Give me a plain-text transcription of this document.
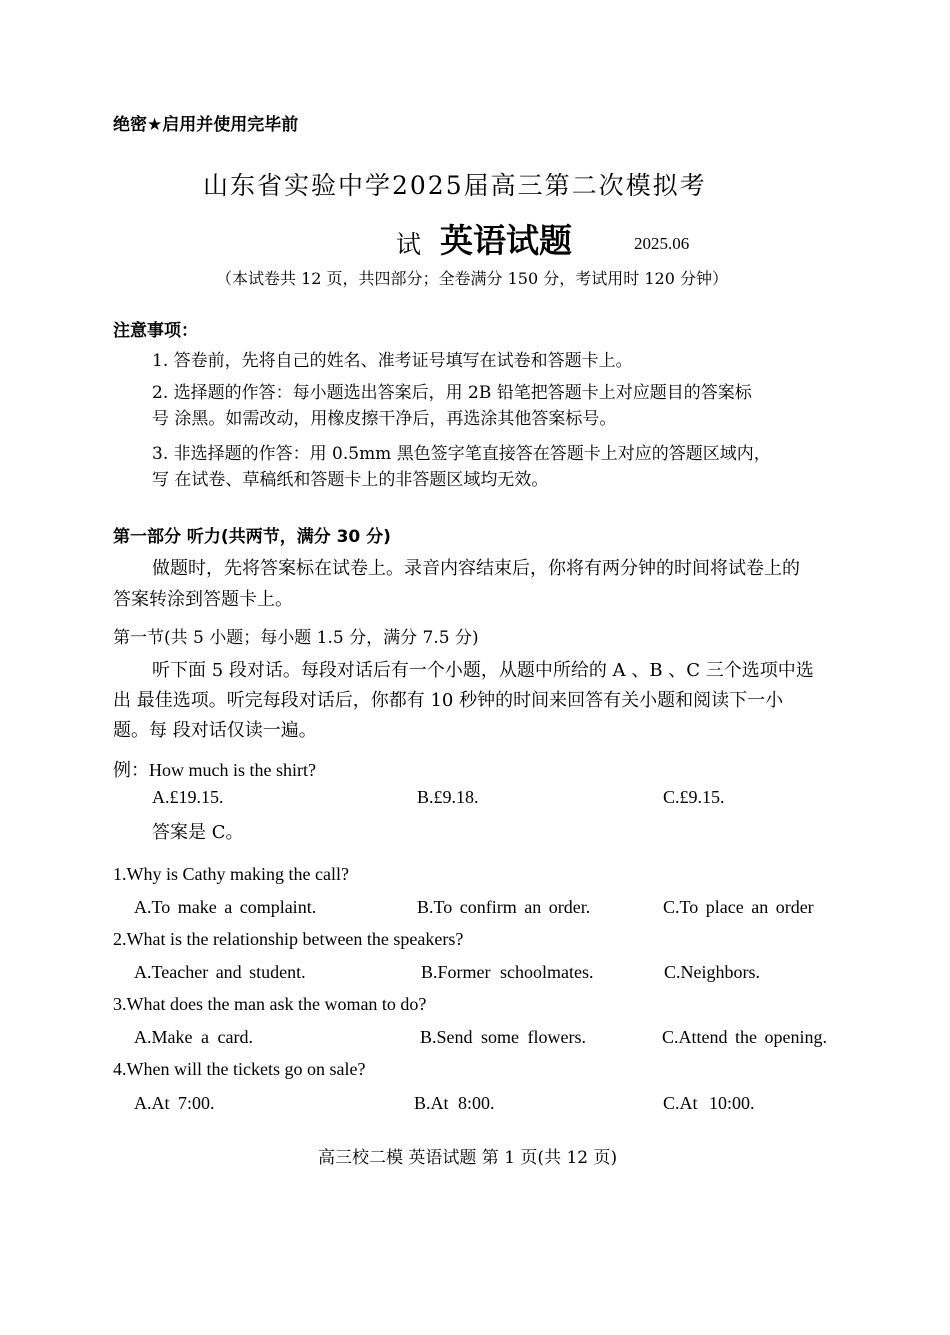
绝密★启用并使用完毕前
山东省实验中学2025届高三第二次模拟考
试 英语试题	2025.06
（本试卷共 12 页，共四部分；全卷满分 150 分，考试用时 120 分钟）
注意事项：
1. 答卷前，先将自己的姓名、准考证号填写在试卷和答题卡上。
2. 选择题的作答：每小题选出答案后，用 2B 铅笔把答题卡上对应题目的答案标
号 涂黑。如需改动，用橡皮擦干净后，再选涂其他答案标号。
3. 非选择题的作答：用 0.5mm 黑色签字笔直接答在答题卡上对应的答题区域内，
写 在试卷、草稿纸和答题卡上的非答题区域均无效。
第一部分 听力(共两节，满分 30 分)
做题时，先将答案标在试卷上。录音内容结束后，你将有两分钟的时间将试卷上的
答案转涂到答题卡上。
第一节(共 5 小题；每小题 1.5 分，满分 7.5 分)
听下面 5 段对话。每段对话后有一个小题，从题中所给的 A 、B 、C 三个选项中选
出 最佳选项。听完每段对话后，你都有 10 秒钟的时间来回答有关小题和阅读下一小
题。每 段对话仅读一遍。
例：How much is the shirt?
A.£19.15.	B.£9.18.	C.£9.15.
答案是 C。
1.Why is Cathy making the call?
A.To make a complaint.	B.To confirm an order.	C.To place an order
2.What is the relationship between the speakers?
A.Teacher and student.	B.Former schoolmates.	C.Neighbors.
3.What does the man ask the woman to do?
A.Make a card.	B.Send some flowers.	C.Attend the opening.
4.When will the tickets go on sale?
A.At 7:00.	B.At 8:00.	C.At 10:00.
高三校二模 英语试题 第 1 页(共 12 页)
